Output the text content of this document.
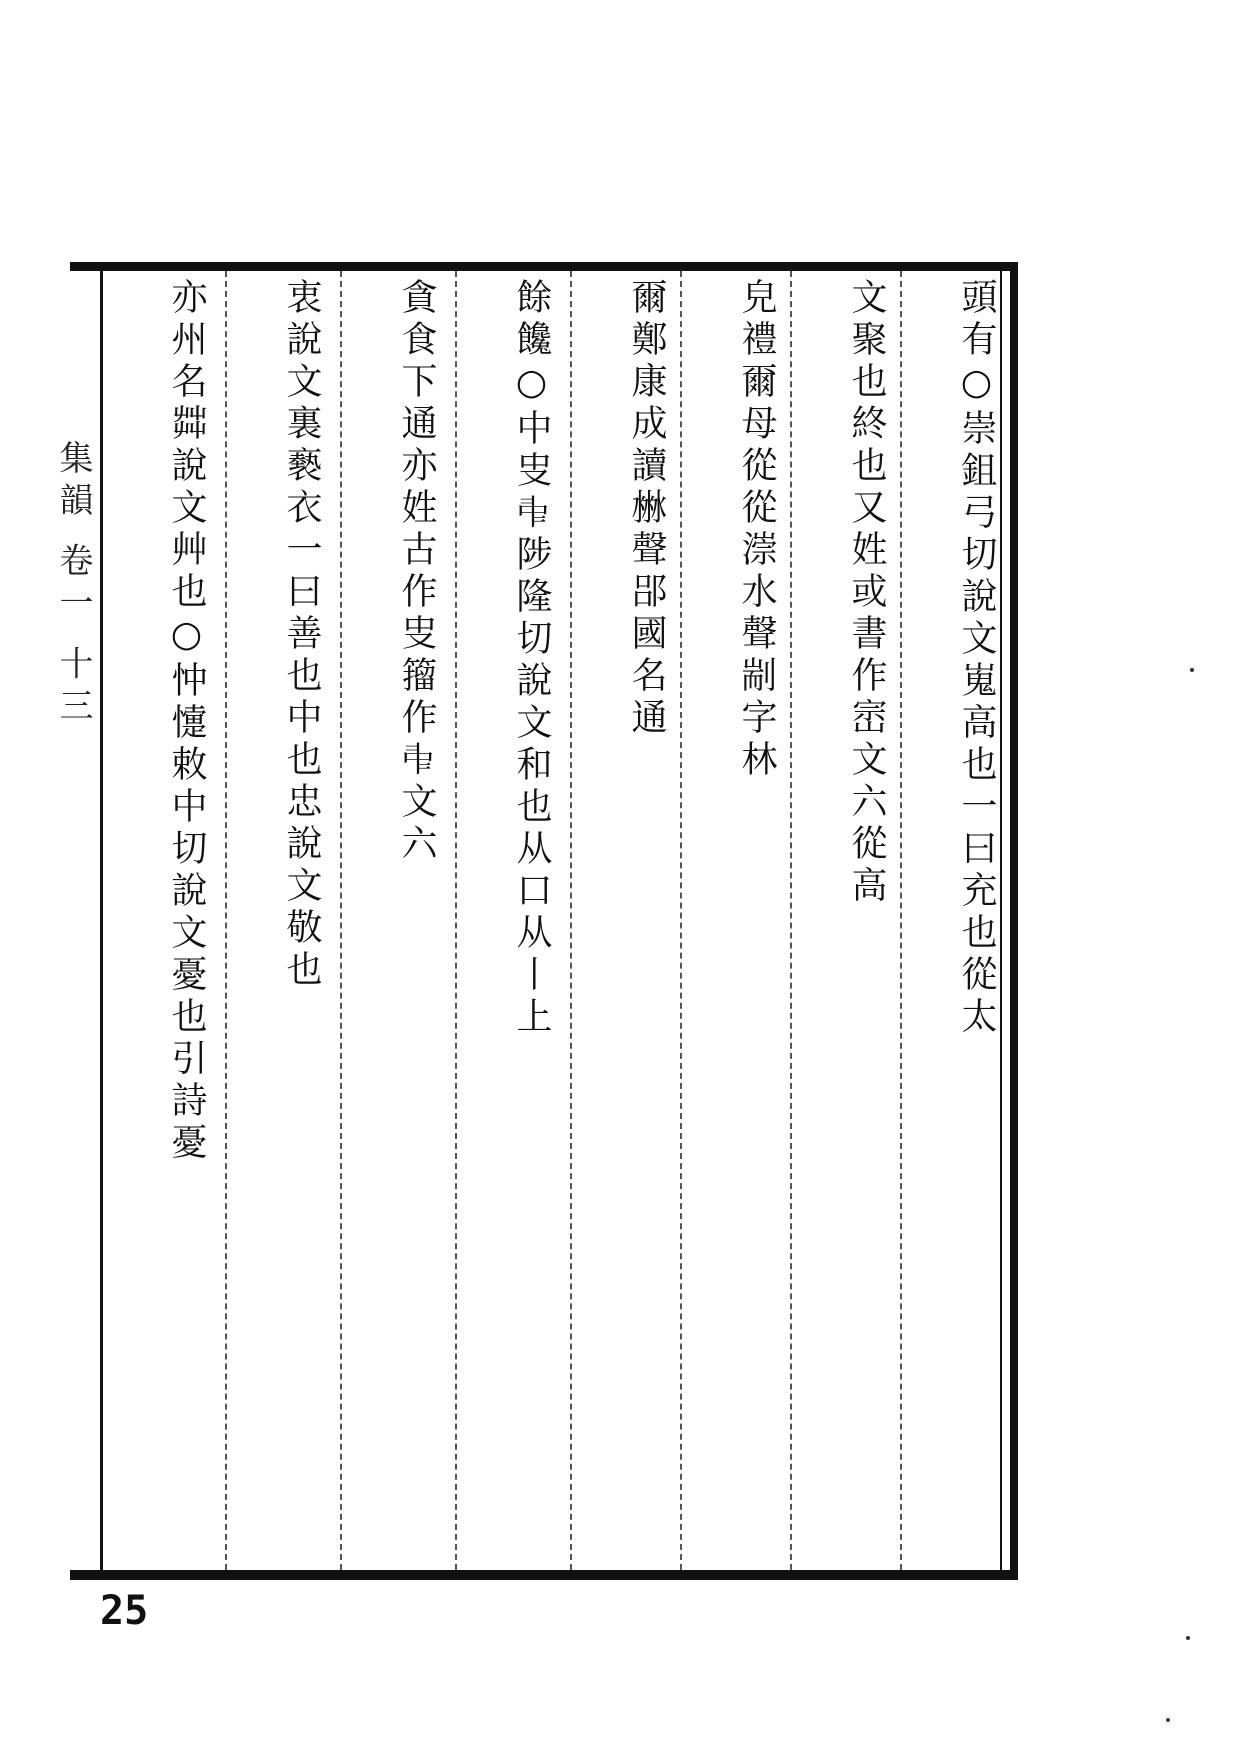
集韻 卷一 十三	頭有○崇鉏弓切說文嵬高也一曰充也從太
文聚也終也又姓或書作崈文六從高
皃禮爾母從從漴水聲剬字林
爾鄭康成讀㴇聲郘國名通
餘饞○中㕜𠁩陟隆切說文和也从口从丨上
貪食下通亦姓古作㕜籀作𠁩文六
衷說文裏褻衣一曰善也中也忠說文敬也
亦州名茻說文艸也○忡懥敕中切說文憂也引詩憂
25
